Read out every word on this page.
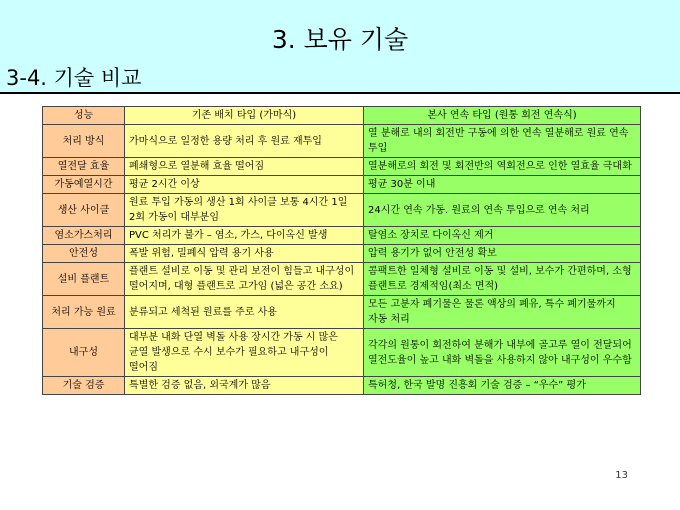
3. 보유 기술
3-4. 기술 비교
성능	기존 배치 타입 (가마식)	본사 연속 타입 (원통 회전 연속식)
처리 방식	가마식으로 일정한 용량 처리 후 원료 재투입	열 분해로 내의 회전반 구동에 의한 연속 열분해로 원료 연속 투입
열전달 효율	폐쇄형으로 열분해 효율 떨어짐	열분해로의 회전 및 회전반의 역회전으로 인한 열효율 극대화
가동예열시간	평균 2시간 이상	평균 30분 이내
생산 사이클	원료 투입 가동의 생산 1회 사이클 보통 4시간 1일 2회 가동이 대부분임	24시간 연속 가동. 원료의 연속 투입으로 연속 처리
염소가스처리	PVC 처리가 불가 – 염소, 가스, 다이옥신 발생	탈염소 장치로 다이옥신 제거
안전성	폭발 위험, 밀폐식 압력 용기 사용	압력 용기가 없어 안전성 확보
설비 플랜트	플랜트 설비로 이동 및 관리 보전이 힘들고 내구성이 떨어지며, 대형 플랜트로 고가임 (넓은 공간 소요)	콤팩트한 일체형 설비로 이동 및 설비, 보수가 간편하며, 소형 플랜트로 경제적임(최소 면적)
처리 가능 원료	분류되고 세척된 원료를 주로 사용	모든 고분자 폐기물은 물론 액상의 폐유, 특수 폐기물까지 자동 처리
내구성	대부분 내화 단열 벽돌 사용 장시간 가동 시 많은 균열 발생으로 수시 보수가 필요하고 내구성이 떨어짐	각각의 원통이 회전하여 분해가 내부에 골고루 열이 전달되어 열전도율이 높고 내화 벽돌을 사용하지 않아 내구성이 우수함
기술 검증	특별한 검증 없음, 외국계가 많음	특허청, 한국 발명 진흥회 기술 검증 – “우수” 평가
13
